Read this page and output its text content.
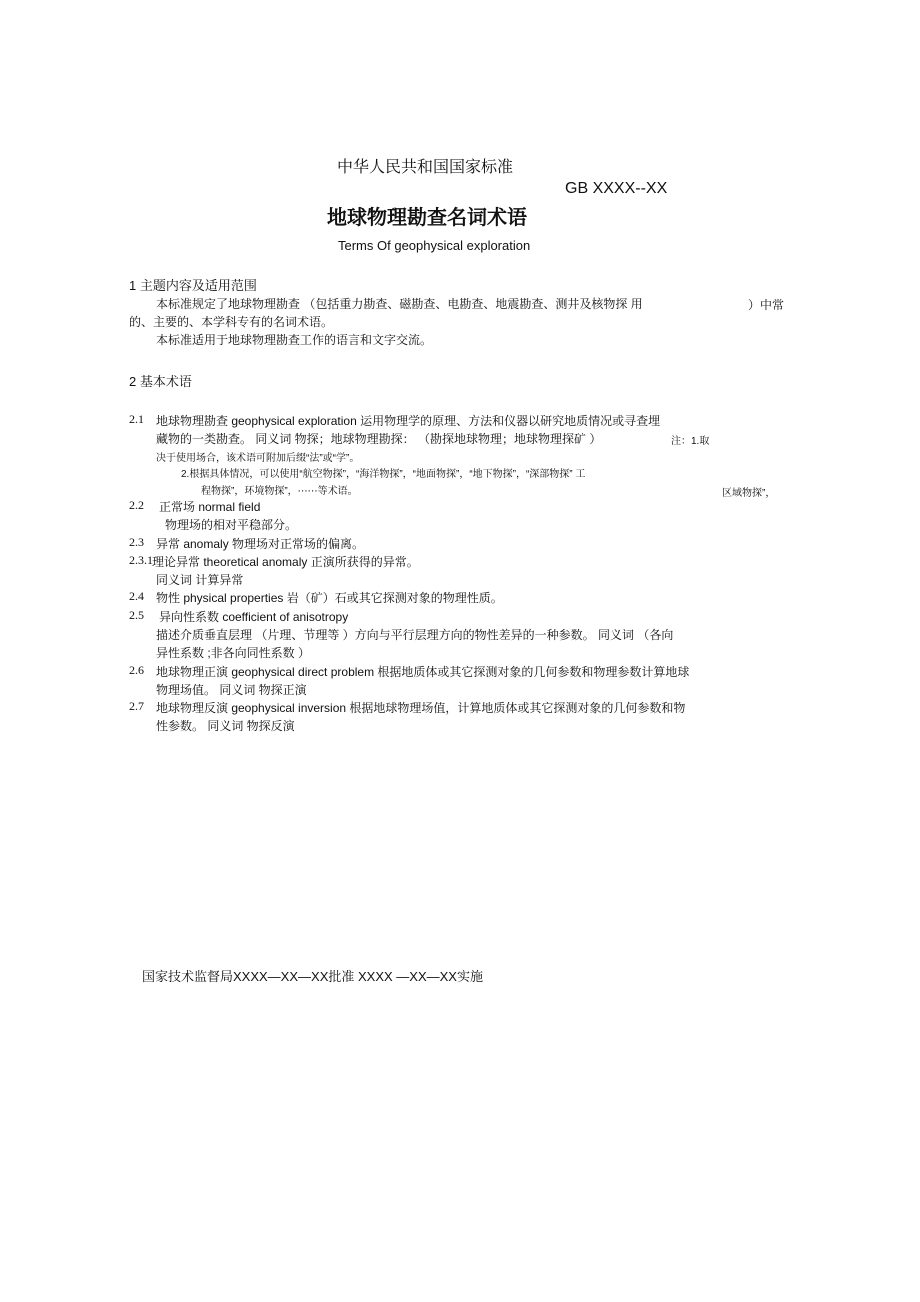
中华人民共和国国家标准
GB XXXX--XX
地球物理勘查名词术语
Terms Of geophysical exploration
1 主题内容及适用范围
本标准规定了地球物理勘查 （包括重力勘查、磁勘查、电勘查、地震勘查、测井及核物探 用	）中常
的、主要的、本学科专有的名词术语。
本标准适用于地球物理勘查工作的语言和文字交流。
2 基本术语
2.1 地球物理勘查 geophysical exploration 运用物理学的原理、方法和仪器以研究地质情况或寻查埋
藏物的一类勘查。 同义词 物探；地球物理勘探： （勘探地球物理；地球物理探矿 ）	注：1.取
决于使用场合，该术语可附加后缀“法”或“学”。
2.根据具体情况，可以使用“航空物探”，“海洋物探”，“地面物探”，“地下物探”，“深部物探” 工
程物探”，环境物探”，⋯⋯等术语。	区域物探”，
2.2 正常场 normal field
物理场的相对平稳部分。
2.3 异常 anomaly 物理场对正常场的偏离。
2.3.1 理论异常 theoretical anomaly 正演所获得的异常。
同义词 计算异常
2.4 物性 physical properties 岩（矿）石或其它探测对象的物理性质。
2.5 异向性系数 coefficient of anisotropy
描述介质垂直层理 （片理、节理等 ）方向与平行层理方向的物性差异的一种参数。 同义词 （各向
异性系数 ;非各向同性系数 ）
2.6 地球物理正演 geophysical direct problem 根据地质体或其它探测对象的几何参数和物理参数计算地球
物理场值。 同义词 物探正演
2.7 地球物理反演 geophysical inversion 根据地球物理场值，计算地质体或其它探测对象的几何参数和物
性参数。 同义词 物探反演
国家技术监督局XXXX—XX—XX批准 XXXX —XX—XX实施
